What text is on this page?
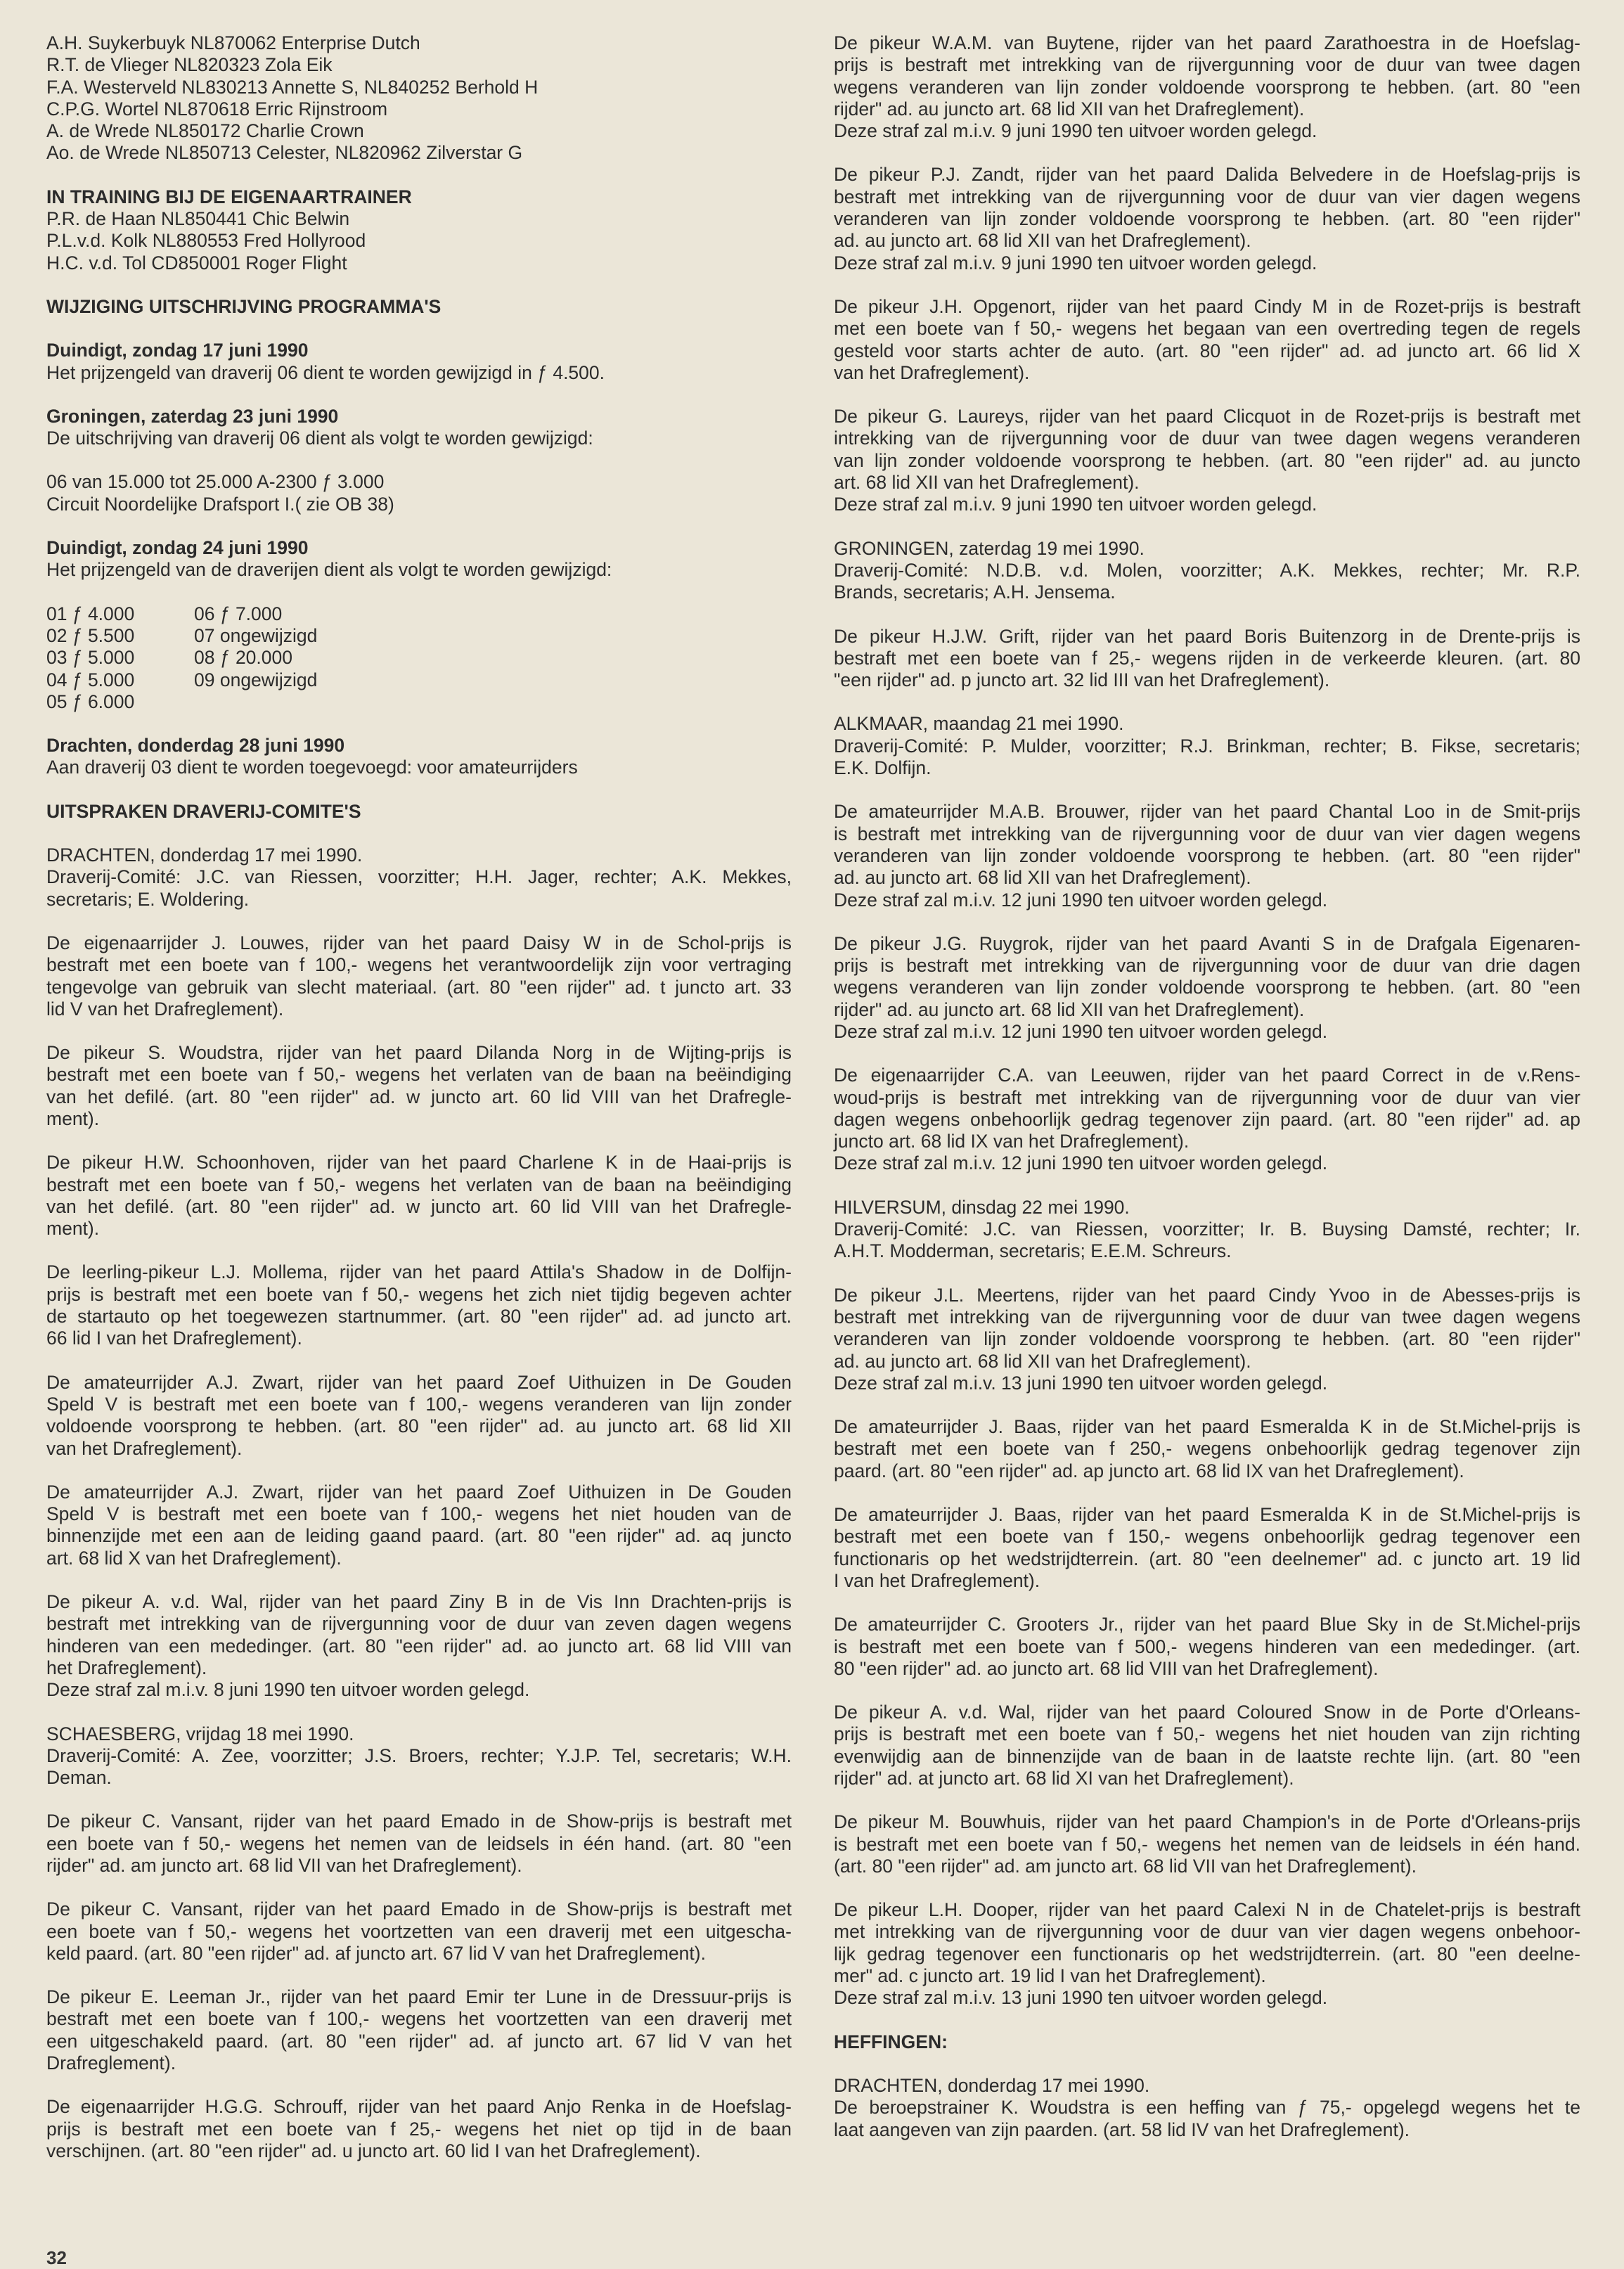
A.H. Suykerbuyk NL870062 Enterprise Dutch
R.T. de Vlieger NL820323 Zola Eik
F.A. Westerveld NL830213 Annette S, NL840252 Berhold H
C.P.G. Wortel NL870618 Erric Rijnstroom
A. de Wrede NL850172 Charlie Crown
Ao. de Wrede NL850713 Celester, NL820962 Zilverstar G
IN TRAINING BIJ DE EIGENAARTRAINER
P.R. de Haan NL850441 Chic Belwin
P.L.v.d. Kolk NL880553 Fred Hollyrood
H.C. v.d. Tol CD850001 Roger Flight
WIJZIGING UITSCHRIJVING PROGRAMMA'S
Duindigt, zondag 17 juni 1990
Het prijzengeld van draverij 06 dient te worden gewijzigd in ƒ 4.500.
Groningen, zaterdag 23 juni 1990
De uitschrijving van draverij 06 dient als volgt te worden gewijzigd:
06 van 15.000 tot 25.000 A-2300 ƒ 3.000
Circuit Noordelijke Drafsport I.( zie OB 38)
Duindigt, zondag 24 juni 1990
Het prijzengeld van de draverijen dient als volgt te worden gewijzigd:
01 ƒ 4.000	06 ƒ 7.000
02 ƒ 5.500	07 ongewijzigd
03 ƒ 5.000	08 ƒ 20.000
04 ƒ 5.000	09 ongewijzigd
05 ƒ 6.000
Drachten, donderdag 28 juni 1990
Aan draverij 03 dient te worden toegevoegd: voor amateurrijders
UITSPRAKEN DRAVERIJ-COMITE'S
DRACHTEN, donderdag 17 mei 1990.
Draverij-Comité: J.C. van Riessen, voorzitter; H.H. Jager, rechter; A.K. Mekkes,
secretaris; E. Woldering.
De eigenaarrijder J. Louwes, rijder van het paard Daisy W in de Schol-prijs is
bestraft met een boete van f 100,- wegens het verantwoordelijk zijn voor vertraging
tengevolge van gebruik van slecht materiaal. (art. 80 "een rijder" ad. t juncto art. 33
lid V van het Drafreglement).
De pikeur S. Woudstra, rijder van het paard Dilanda Norg in de Wijting-prijs is
bestraft met een boete van f 50,- wegens het verlaten van de baan na beëindiging
van het defilé. (art. 80 "een rijder" ad. w juncto art. 60 lid VIII van het Drafregle-
ment).
De pikeur H.W. Schoonhoven, rijder van het paard Charlene K in de Haai-prijs is
bestraft met een boete van f 50,- wegens het verlaten van de baan na beëindiging
van het defilé. (art. 80 "een rijder" ad. w juncto art. 60 lid VIII van het Drafregle-
ment).
De leerling-pikeur L.J. Mollema, rijder van het paard Attila's Shadow in de Dolfijn-
prijs is bestraft met een boete van f 50,- wegens het zich niet tijdig begeven achter
de startauto op het toegewezen startnummer. (art. 80 "een rijder" ad. ad juncto art.
66 lid I van het Drafreglement).
De amateurrijder A.J. Zwart, rijder van het paard Zoef Uithuizen in De Gouden
Speld V is bestraft met een boete van f 100,- wegens veranderen van lijn zonder
voldoende voorsprong te hebben. (art. 80 "een rijder" ad. au juncto art. 68 lid XII
van het Drafreglement).
De amateurrijder A.J. Zwart, rijder van het paard Zoef Uithuizen in De Gouden
Speld V is bestraft met een boete van f 100,- wegens het niet houden van de
binnenzijde met een aan de leiding gaand paard. (art. 80 "een rijder" ad. aq juncto
art. 68 lid X van het Drafreglement).
De pikeur A. v.d. Wal, rijder van het paard Ziny B in de Vis Inn Drachten-prijs is
bestraft met intrekking van de rijvergunning voor de duur van zeven dagen wegens
hinderen van een mededinger. (art. 80 "een rijder" ad. ao juncto art. 68 lid VIII van
het Drafreglement).
Deze straf zal m.i.v. 8 juni 1990 ten uitvoer worden gelegd.
SCHAESBERG, vrijdag 18 mei 1990.
Draverij-Comité: A. Zee, voorzitter; J.S. Broers, rechter; Y.J.P. Tel, secretaris; W.H.
Deman.
De pikeur C. Vansant, rijder van het paard Emado in de Show-prijs is bestraft met
een boete van f 50,- wegens het nemen van de leidsels in één hand. (art. 80 "een
rijder" ad. am juncto art. 68 lid VII van het Drafreglement).
De pikeur C. Vansant, rijder van het paard Emado in de Show-prijs is bestraft met
een boete van f 50,- wegens het voortzetten van een draverij met een uitgescha-
keld paard. (art. 80 "een rijder" ad. af juncto art. 67 lid V van het Drafreglement).
De pikeur E. Leeman Jr., rijder van het paard Emir ter Lune in de Dressuur-prijs is
bestraft met een boete van f 100,- wegens het voortzetten van een draverij met
een uitgeschakeld paard. (art. 80 "een rijder" ad. af juncto art. 67 lid V van het
Drafreglement).
De eigenaarrijder H.G.G. Schrouff, rijder van het paard Anjo Renka in de Hoefslag-
prijs is bestraft met een boete van f 25,- wegens het niet op tijd in de baan
verschijnen. (art. 80 "een rijder" ad. u juncto art. 60 lid I van het Drafreglement).
De pikeur W.A.M. van Buytene, rijder van het paard Zarathoestra in de Hoefslag-
prijs is bestraft met intrekking van de rijvergunning voor de duur van twee dagen
wegens veranderen van lijn zonder voldoende voorsprong te hebben. (art. 80 "een
rijder" ad. au juncto art. 68 lid XII van het Drafreglement).
Deze straf zal m.i.v. 9 juni 1990 ten uitvoer worden gelegd.
De pikeur P.J. Zandt, rijder van het paard Dalida Belvedere in de Hoefslag-prijs is
bestraft met intrekking van de rijvergunning voor de duur van vier dagen wegens
veranderen van lijn zonder voldoende voorsprong te hebben. (art. 80 "een rijder"
ad. au juncto art. 68 lid XII van het Drafreglement).
Deze straf zal m.i.v. 9 juni 1990 ten uitvoer worden gelegd.
De pikeur J.H. Opgenort, rijder van het paard Cindy M in de Rozet-prijs is bestraft
met een boete van f 50,- wegens het begaan van een overtreding tegen de regels
gesteld voor starts achter de auto. (art. 80 "een rijder" ad. ad juncto art. 66 lid X
van het Drafreglement).
De pikeur G. Laureys, rijder van het paard Clicquot in de Rozet-prijs is bestraft met
intrekking van de rijvergunning voor de duur van twee dagen wegens veranderen
van lijn zonder voldoende voorsprong te hebben. (art. 80 "een rijder" ad. au juncto
art. 68 lid XII van het Drafreglement).
Deze straf zal m.i.v. 9 juni 1990 ten uitvoer worden gelegd.
GRONINGEN, zaterdag 19 mei 1990.
Draverij-Comité: N.D.B. v.d. Molen, voorzitter; A.K. Mekkes, rechter; Mr. R.P.
Brands, secretaris; A.H. Jensema.
De pikeur H.J.W. Grift, rijder van het paard Boris Buitenzorg in de Drente-prijs is
bestraft met een boete van f 25,- wegens rijden in de verkeerde kleuren. (art. 80
"een rijder" ad. p juncto art. 32 lid III van het Drafreglement).
ALKMAAR, maandag 21 mei 1990.
Draverij-Comité: P. Mulder, voorzitter; R.J. Brinkman, rechter; B. Fikse, secretaris;
E.K. Dolfijn.
De amateurrijder M.A.B. Brouwer, rijder van het paard Chantal Loo in de Smit-prijs
is bestraft met intrekking van de rijvergunning voor de duur van vier dagen wegens
veranderen van lijn zonder voldoende voorsprong te hebben. (art. 80 "een rijder"
ad. au juncto art. 68 lid XII van het Drafreglement).
Deze straf zal m.i.v. 12 juni 1990 ten uitvoer worden gelegd.
De pikeur J.G. Ruygrok, rijder van het paard Avanti S in de Drafgala Eigenaren-
prijs is bestraft met intrekking van de rijvergunning voor de duur van drie dagen
wegens veranderen van lijn zonder voldoende voorsprong te hebben. (art. 80 "een
rijder" ad. au juncto art. 68 lid XII van het Drafreglement).
Deze straf zal m.i.v. 12 juni 1990 ten uitvoer worden gelegd.
De eigenaarrijder C.A. van Leeuwen, rijder van het paard Correct in de v.Rens-
woud-prijs is bestraft met intrekking van de rijvergunning voor de duur van vier
dagen wegens onbehoorlijk gedrag tegenover zijn paard. (art. 80 "een rijder" ad. ap
juncto art. 68 lid IX van het Drafreglement).
Deze straf zal m.i.v. 12 juni 1990 ten uitvoer worden gelegd.
HILVERSUM, dinsdag 22 mei 1990.
Draverij-Comité: J.C. van Riessen, voorzitter; Ir. B. Buysing Damsté, rechter; Ir.
A.H.T. Modderman, secretaris; E.E.M. Schreurs.
De pikeur J.L. Meertens, rijder van het paard Cindy Yvoo in de Abesses-prijs is
bestraft met intrekking van de rijvergunning voor de duur van twee dagen wegens
veranderen van lijn zonder voldoende voorsprong te hebben. (art. 80 "een rijder"
ad. au juncto art. 68 lid XII van het Drafreglement).
Deze straf zal m.i.v. 13 juni 1990 ten uitvoer worden gelegd.
De amateurrijder J. Baas, rijder van het paard Esmeralda K in de St.Michel-prijs is
bestraft met een boete van f 250,- wegens onbehoorlijk gedrag tegenover zijn
paard. (art. 80 "een rijder" ad. ap juncto art. 68 lid IX van het Drafreglement).
De amateurrijder J. Baas, rijder van het paard Esmeralda K in de St.Michel-prijs is
bestraft met een boete van f 150,- wegens onbehoorlijk gedrag tegenover een
functionaris op het wedstrijdterrein. (art. 80 "een deelnemer" ad. c juncto art. 19 lid
I van het Drafreglement).
De amateurrijder C. Grooters Jr., rijder van het paard Blue Sky in de St.Michel-prijs
is bestraft met een boete van f 500,- wegens hinderen van een mededinger. (art.
80 "een rijder" ad. ao juncto art. 68 lid VIII van het Drafreglement).
De pikeur A. v.d. Wal, rijder van het paard Coloured Snow in de Porte d'Orleans-
prijs is bestraft met een boete van f 50,- wegens het niet houden van zijn richting
evenwijdig aan de binnenzijde van de baan in de laatste rechte lijn. (art. 80 "een
rijder" ad. at juncto art. 68 lid XI van het Drafreglement).
De pikeur M. Bouwhuis, rijder van het paard Champion's in de Porte d'Orleans-prijs
is bestraft met een boete van f 50,- wegens het nemen van de leidsels in één hand.
(art. 80 "een rijder" ad. am juncto art. 68 lid VII van het Drafreglement).
De pikeur L.H. Dooper, rijder van het paard Calexi N in de Chatelet-prijs is bestraft
met intrekking van de rijvergunning voor de duur van vier dagen wegens onbehoor-
lijk gedrag tegenover een functionaris op het wedstrijdterrein. (art. 80 "een deelne-
mer" ad. c juncto art. 19 lid I van het Drafreglement).
Deze straf zal m.i.v. 13 juni 1990 ten uitvoer worden gelegd.
HEFFINGEN:
DRACHTEN, donderdag 17 mei 1990.
De beroepstrainer K. Woudstra is een heffing van ƒ 75,- opgelegd wegens het te
laat aangeven van zijn paarden. (art. 58 lid IV van het Drafreglement).
32
